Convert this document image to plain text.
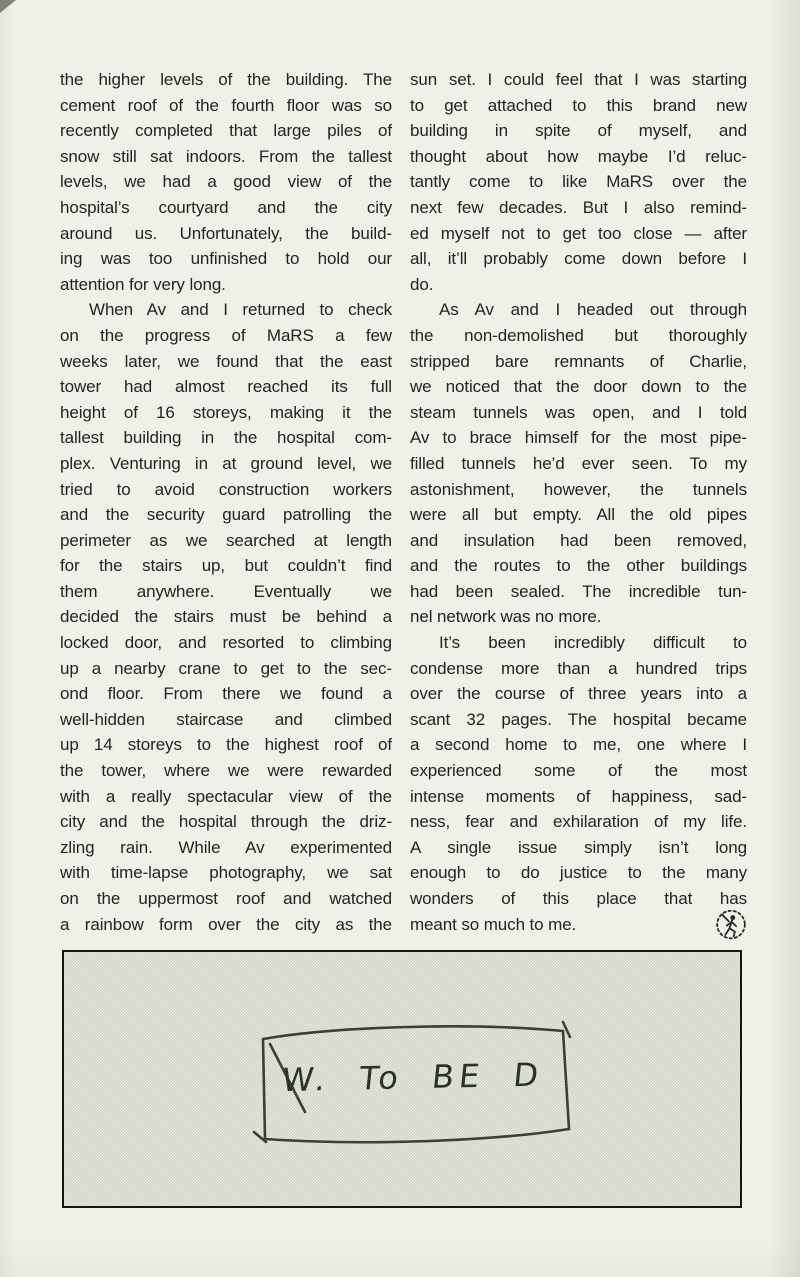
the higher levels of the building. The
cement roof of the fourth floor was so
recently completed that large piles of
snow still sat indoors. From the tallest
levels, we had a good view of the
hospital’s courtyard and the city
around us. Unfortunately, the build-
ing was too unfinished to hold our
attention for very long.
When Av and I returned to check
on the progress of MaRS a few
weeks later, we found that the east
tower had almost reached its full
height of 16 storeys, making it the
tallest building in the hospital com-
plex. Venturing in at ground level, we
tried to avoid construction workers
and the security guard patrolling the
perimeter as we searched at length
for the stairs up, but couldn’t find
them anywhere. Eventually we
decided the stairs must be behind a
locked door, and resorted to climbing
up a nearby crane to get to the sec-
ond floor. From there we found a
well-hidden staircase and climbed
up 14 storeys to the highest roof of
the tower, where we were rewarded
with a really spectacular view of the
city and the hospital through the driz-
zling rain. While Av experimented
with time-lapse photography, we sat
on the uppermost roof and watched
a rainbow form over the city as the
sun set. I could feel that I was starting
to get attached to this brand new
building in spite of myself, and
thought about how maybe I’d reluc-
tantly come to like MaRS over the
next few decades. But I also remind-
ed myself not to get too close — after
all, it’ll probably come down before I
do.
As Av and I headed out through
the non-demolished but thoroughly
stripped bare remnants of Charlie,
we noticed that the door down to the
steam tunnels was open, and I told
Av to brace himself for the most pipe-
filled tunnels he’d ever seen. To my
astonishment, however, the tunnels
were all but empty. All the old pipes
and insulation had been removed,
and the routes to the other buildings
had been sealed. The incredible tun-
nel network was no more.
It’s been incredibly difficult to
condense more than a hundred trips
over the course of three years into a
scant 32 pages. The hospital became
a second home to me, one where I
experienced some of the most
intense moments of happiness, sad-
ness, fear and exhilaration of my life.
A single issue simply isn’t long
enough to do justice to the many
wonders of this place that has
meant so much to me.
W. To BE D
